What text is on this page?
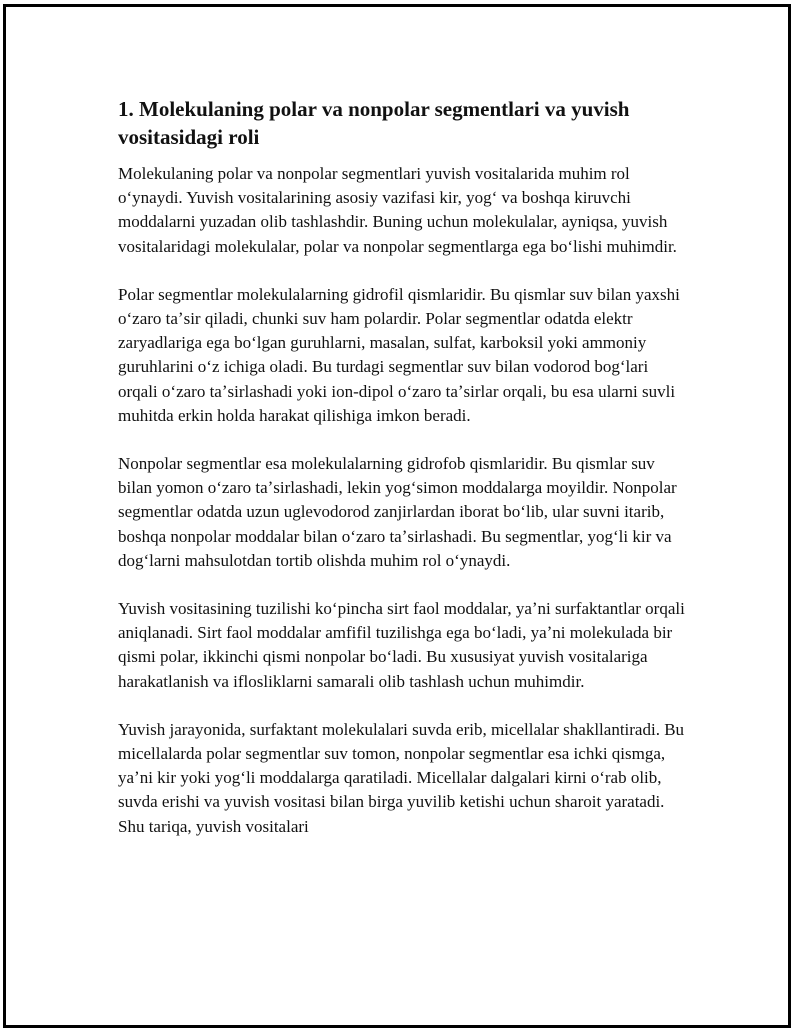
1. Molekulaning polar va nonpolar segmentlari va yuvish vositasidagi roli

Molekulaning polar va nonpolar segmentlari yuvish vositalarida muhim rol oʻynaydi. Yuvish vositalarining asosiy vazifasi kir, yogʻ va boshqa kiruvchi moddalarni yuzadan olib tashlashdir. Buning uchun molekulalar, ayniqsa, yuvish vositalaridagi molekulalar, polar va nonpolar segmentlarga ega boʻlishi muhimdir.

Polar segmentlar molekulalarning gidrofil qismlaridir. Bu qismlar suv bilan yaxshi oʻzaro taʼsir qiladi, chunki suv ham polardir. Polar segmentlar odatda elektr zaryadlariga ega boʻlgan guruhlarni, masalan, sulfat, karboksil yoki ammoniy guruhlarini oʻz ichiga oladi. Bu turdagi segmentlar suv bilan vodorod bogʻlari orqali oʻzaro taʼsirlashadi yoki ion-dipol oʻzaro taʼsirlar orqali, bu esa ularni suvli muhitda erkin holda harakat qilishiga imkon beradi.

Nonpolar segmentlar esa molekulalarning gidrofob qismlaridir. Bu qismlar suv bilan yomon oʻzaro taʼsirlashadi, lekin yogʻsimon moddalarga moyildir. Nonpolar segmentlar odatda uzun uglevodorod zanjirlardan iborat boʻlib, ular suvni itarib, boshqa nonpolar moddalar bilan oʻzaro taʼsirlashadi. Bu segmentlar, yogʻli kir va dogʻlarni mahsulotdan tortib olishda muhim rol oʻynaydi.

Yuvish vositasining tuzilishi koʻpincha sirt faol moddalar, yaʼni surfaktantlar orqali aniqlanadi. Sirt faol moddalar amfifil tuzilishga ega boʻladi, yaʼni molekulada bir qismi polar, ikkinchi qismi nonpolar boʻladi. Bu xususiyat yuvish vositalariga harakatlanish va iflosliklarni samarali olib tashlash uchun muhimdir.

Yuvish jarayonida, surfaktant molekulalari suvda erib, micellalar shakllantiradi. Bu micellalarda polar segmentlar suv tomon, nonpolar segmentlar esa ichki qismga, yaʼni kir yoki yogʻli moddalarga qaratiladi. Micellalar dalgalari kirni oʻrab olib, suvda erishi va yuvish vositasi bilan birga yuvilib ketishi uchun sharoit yaratadi. Shu tariqa, yuvish vositalari
